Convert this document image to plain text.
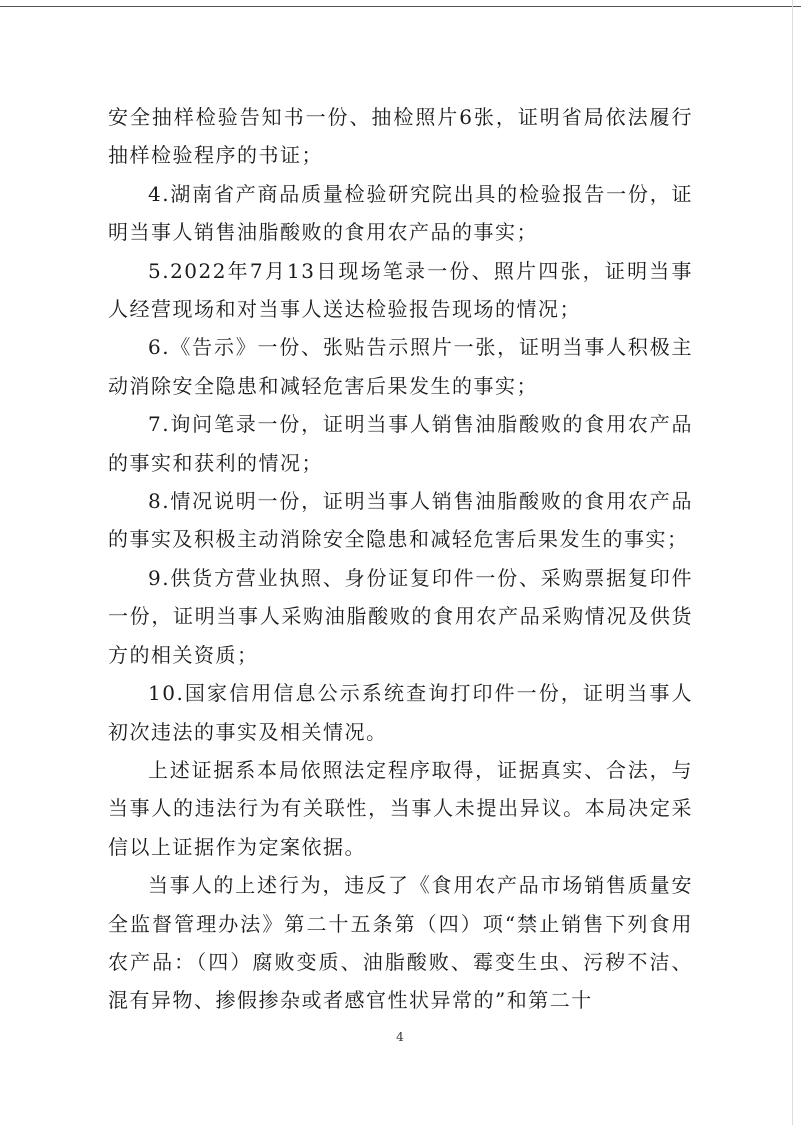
安全抽样检验告知书一份、抽检照片6张，证明省局依法履行抽样检验程序的书证；

4.湖南省产商品质量检验研究院出具的检验报告一份，证明当事人销售油脂酸败的食用农产品的事实；

5.2022年7月13日现场笔录一份、照片四张，证明当事人经营现场和对当事人送达检验报告现场的情况；

6.《告示》一份、张贴告示照片一张，证明当事人积极主动消除安全隐患和减轻危害后果发生的事实；

7.询问笔录一份，证明当事人销售油脂酸败的食用农产品的事实和获利的情况；

8.情况说明一份，证明当事人销售油脂酸败的食用农产品的事实及积极主动消除安全隐患和减轻危害后果发生的事实；

9.供货方营业执照、身份证复印件一份、采购票据复印件一份，证明当事人采购油脂酸败的食用农产品采购情况及供货方的相关资质；

10.国家信用信息公示系统查询打印件一份，证明当事人初次违法的事实及相关情况。

上述证据系本局依照法定程序取得，证据真实、合法，与当事人的违法行为有关联性，当事人未提出异议。本局决定采信以上证据作为定案依据。

当事人的上述行为，违反了《食用农产品市场销售质量安全监督管理办法》第二十五条第（四）项“禁止销售下列食用农产品：（四）腐败变质、油脂酸败、霉变生虫、污秽不洁、混有异物、掺假掺杂或者感官性状异常的”和第二十

4
